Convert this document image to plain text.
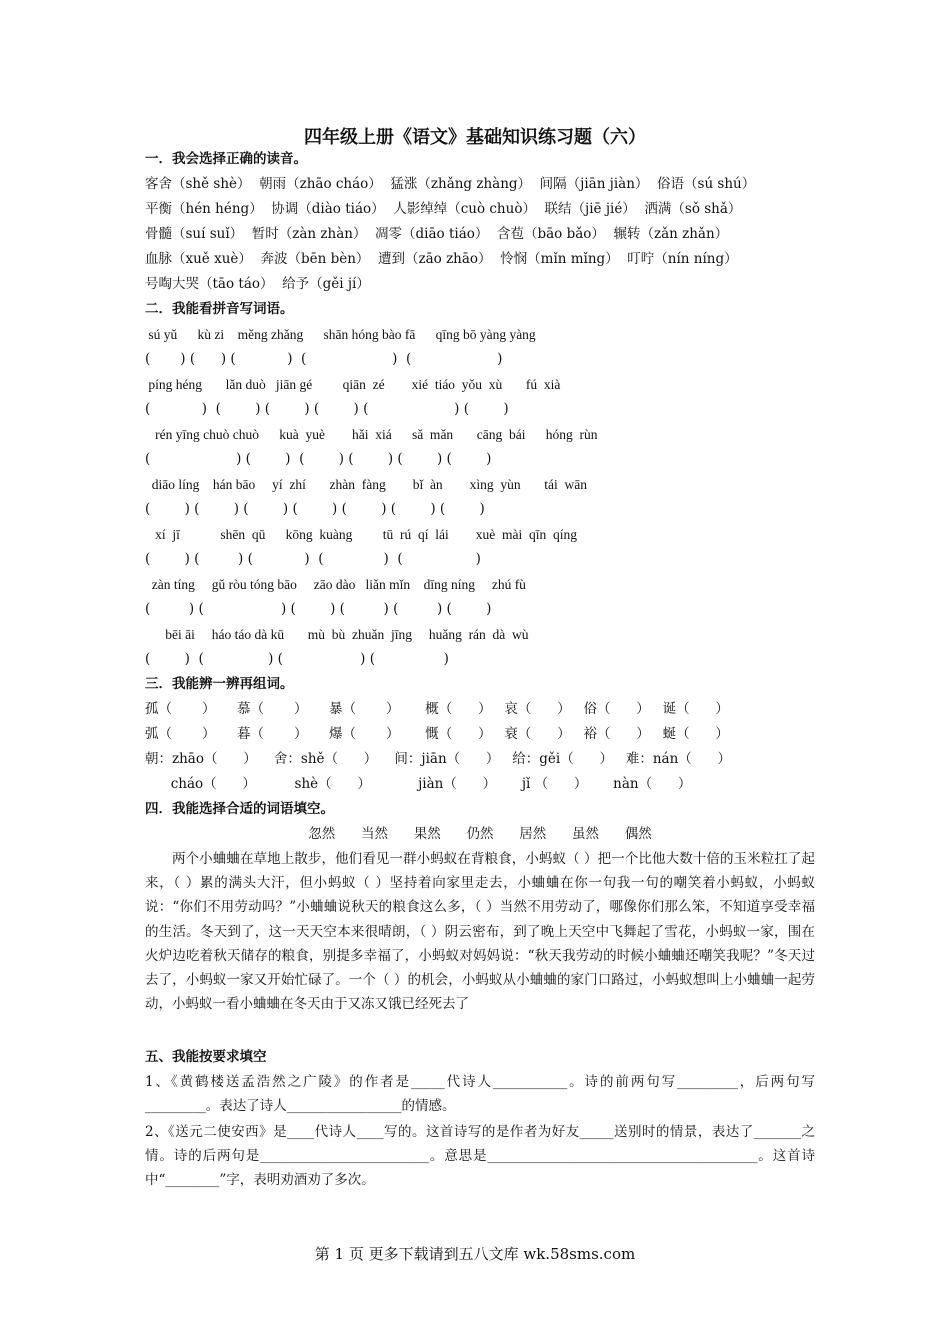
四年级上册《语文》基础知识练习题（六）
一．我会选择正确的读音。
客舍（shě shè）  朝雨（zhāo cháo）  猛涨（zhǎng zhàng）  间隔（jiān jiàn）  俗语（sú shú）
平衡（hén héng）  协调（diào tiáo）  人影绰绰（cuò chuò）  联结（jiē jié）  洒满（sǒ shǎ）
骨髓（suí suǐ）  暂时（zàn zhàn）  凋零（diāo tiáo）  含苞（bāo bǎo）  辗转（zǎn zhǎn）
血脉（xuě xuè）  奔波（bēn bèn）  遭到（zāo zhāo）  怜悯（mǐn mǐng）  叮咛（nín níng）
号啕大哭（tāo táo）  给予（gěi jí）
二．我能看拼音写词语。
sú yǔ      kù zi    měng zhǎng      shān hóng bào fā      qīng bō yàng yàng
(       ) (      ) (            )  (                    )  (                    )
píng héng       lǎn duò   jiān gé         qiān  zé        xié  tiáo  yǒu  xù       fú  xià
(            )  (        ) (        ) (        ) (                    ) (        )
rén yīng chuò chuò      kuà  yuè        hǎi  xiá      sǎ  mǎn       cāng  bái      hóng  rùn
(                    ) (        )  (        ) (        ) (        ) (        )
diāo líng    hán bāo     yí  zhí       zhàn  fàng        bǐ  àn        xìng  yùn       tái  wān
(        ) (        ) (        ) (        ) (        ) (        ) (        )
xí  jī            shēn  qū      kōng  kuàng         tū  rú  qí  lái        xuè  mài  qīn  qíng
(        ) (         ) (            )  (              )  (                 )
zàn tíng     gǔ ròu tóng bāo     zāo dào   liǎn mǐn    dīng níng     zhú fù
(         ) (                  ) (        ) (         ) (         ) (        )
bēi āi     háo táo dà kū       mù  bù  zhuǎn  jīng     huǎng  rán  dà  wù
(        )  (               ) (                  ) (                )
三．我能辨一辨再组词。
孤（       ）     慕（       ）     暴（       ）      概（      ）   哀（      ）   俗（      ）   诞（      ）
弧（       ）     暮（       ）     爆（       ）      慨（      ）   衰（      ）   裕（      ）   蜒（      ）
朝：zhāo（      ）    舍：shě（      ）    间：jiān（      ）   给：gěi（      ）   难：nán（      ）
cháo（      ）         shè（      ）           jiàn（      ）      jǐ （      ）      nàn（      ）
四．我能选择合适的词语填空。
忽然      当然      果然      仍然      居然      虽然      偶然
两个小蛐蛐在草地上散步，他们看见一群小蚂蚁在背粮食，小蚂蚁（ ）把一个比他大数十倍的玉米粒扛了起来，（ ）累的满头大汗，但小蚂蚁（ ）坚持着向家里走去，小蛐蛐在你一句我一句的嘲笑着小蚂蚁，小蚂蚁说：“你们不用劳动吗？”小蛐蛐说秋天的粮食这么多，（ ）当然不用劳动了，哪像你们那么笨，不知道享受幸福的生活。冬天到了，这一天天空本来很晴朗，（ ）阴云密布，到了晚上天空中飞舞起了雪花，小蚂蚁一家，围在火炉边吃着秋天储存的粮食，别提多幸福了，小蚂蚁对妈妈说：“秋天我劳动的时候小蛐蛐还嘲笑我呢？”冬天过去了，小蚂蚁一家又开始忙碌了。一个（ ）的机会，小蚂蚁从小蛐蛐的家门口路过，小蚂蚁想叫上小蛐蛐一起劳动，小蚂蚁一看小蛐蛐在冬天由于又冻又饿已经死去了
五、我能按要求填空
1、《黄鹤楼送孟浩然之广陵》的作者是_____代诗人___________。诗的前两句写_________，后两句写_________。表达了诗人_________________的情感。
2、《送元二使安西》是____代诗人____写的。这首诗写的是作者为好友_____送别时的情景，表达了_______之情。诗的后两句是_________________________。意思是________________________________________。这首诗中“________”字，表明劝酒劝了多次。
第 1 页 更多下载请到五八文库 wk.58sms.com
